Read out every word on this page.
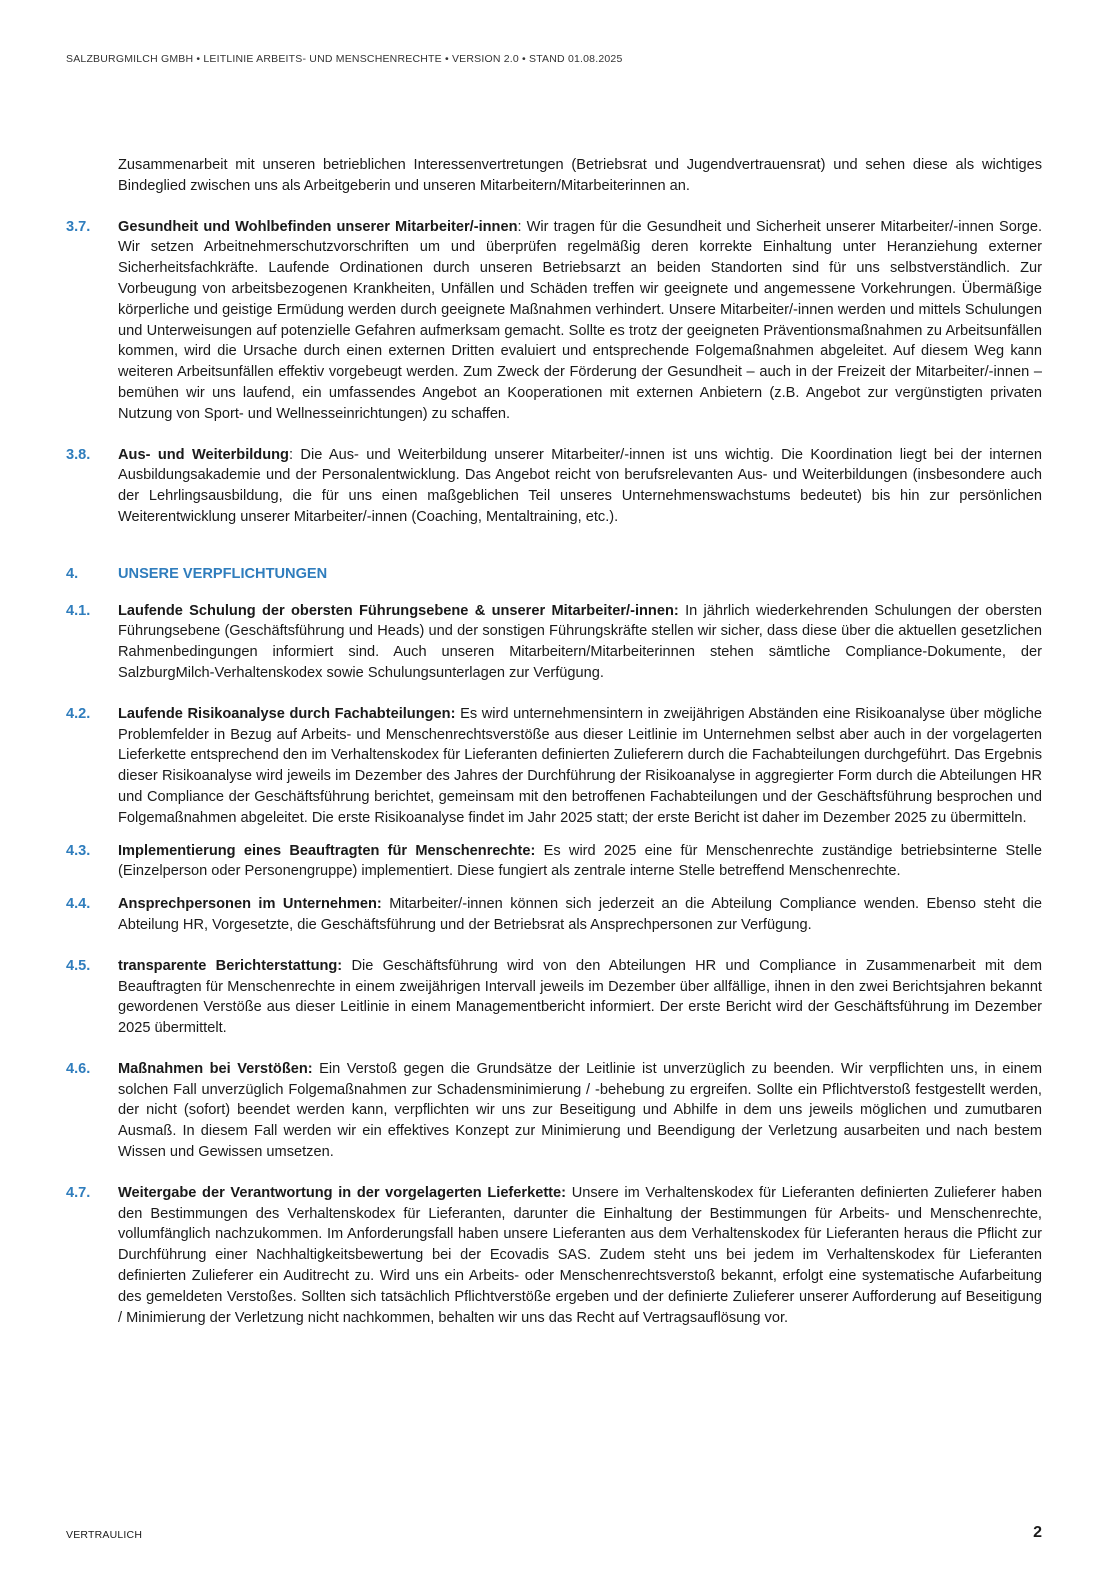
SALZBURGMILCH GMBH • LEITLINIE ARBEITS- UND MENSCHENRECHTE • VERSION 2.0 • STAND 01.08.2025
Zusammenarbeit mit unseren betrieblichen Interessenvertretungen (Betriebsrat und Jugendvertrauensrat) und sehen diese als wichtiges Bindeglied zwischen uns als Arbeitgeberin und unseren Mitarbeitern/Mitarbeiterinnen an.
3.7.	Gesundheit und Wohlbefinden unserer Mitarbeiter/-innen: Wir tragen für die Gesundheit und Sicherheit unserer Mitarbeiter/-innen Sorge. Wir setzen Arbeitnehmerschutzvorschriften um und überprüfen regelmäßig deren korrekte Einhaltung unter Heranziehung externer Sicherheitsfachkräfte. Laufende Ordinationen durch unseren Betriebsarzt an beiden Standorten sind für uns selbstverständlich. Zur Vorbeugung von arbeitsbezogenen Krankheiten, Unfällen und Schäden treffen wir geeignete und angemessene Vorkehrungen. Übermäßige körperliche und geistige Ermüdung werden durch geeignete Maßnahmen verhindert. Unsere Mitarbeiter/-innen werden und mittels Schulungen und Unterweisungen auf potenzielle Gefahren aufmerksam gemacht. Sollte es trotz der geeigneten Präventionsmaßnahmen zu Arbeitsunfällen kommen, wird die Ursache durch einen externen Dritten evaluiert und entsprechende Folgemaßnahmen abgeleitet. Auf diesem Weg kann weiteren Arbeitsunfällen effektiv vorgebeugt werden. Zum Zweck der Förderung der Gesundheit – auch in der Freizeit der Mitarbeiter/-innen – bemühen wir uns laufend, ein umfassendes Angebot an Kooperationen mit externen Anbietern (z.B. Angebot zur vergünstigten privaten Nutzung von Sport- und Wellnesseinrichtungen) zu schaffen.
3.8.	Aus- und Weiterbildung: Die Aus- und Weiterbildung unserer Mitarbeiter/-innen ist uns wichtig. Die Koordination liegt bei der internen Ausbildungsakademie und der Personalentwicklung. Das Angebot reicht von berufsrelevanten Aus- und Weiterbildungen (insbesondere auch der Lehrlingsausbildung, die für uns einen maßgeblichen Teil unseres Unternehmenswachstums bedeutet) bis hin zur persönlichen Weiterentwicklung unserer Mitarbeiter/-innen (Coaching, Mentaltraining, etc.).
4.	UNSERE VERPFLICHTUNGEN
4.1.	Laufende Schulung der obersten Führungsebene & unserer Mitarbeiter/-innen: In jährlich wiederkehrenden Schulungen der obersten Führungsebene (Geschäftsführung und Heads) und der sonstigen Führungskräfte stellen wir sicher, dass diese über die aktuellen gesetzlichen Rahmenbedingungen informiert sind. Auch unseren Mitarbeitern/Mitarbeiterinnen stehen sämtliche Compliance-Dokumente, der SalzburgMilch-Verhaltenskodex sowie Schulungsunterlagen zur Verfügung.
4.2.	Laufende Risikoanalyse durch Fachabteilungen: Es wird unternehmensintern in zweijährigen Abständen eine Risikoanalyse über mögliche Problemfelder in Bezug auf Arbeits- und Menschenrechtsverstöße aus dieser Leitlinie im Unternehmen selbst aber auch in der vorgelagerten Lieferkette entsprechend den im Verhaltenskodex für Lieferanten definierten Zulieferern durch die Fachabteilungen durchgeführt. Das Ergebnis dieser Risikoanalyse wird jeweils im Dezember des Jahres der Durchführung der Risikoanalyse in aggregierter Form durch die Abteilungen HR und Compliance der Geschäftsführung berichtet, gemeinsam mit den betroffenen Fachabteilungen und der Geschäftsführung besprochen und Folgemaßnahmen abgeleitet. Die erste Risikoanalyse findet im Jahr 2025 statt; der erste Bericht ist daher im Dezember 2025 zu übermitteln.
4.3.	Implementierung eines Beauftragten für Menschenrechte: Es wird 2025 eine für Menschenrechte zuständige betriebsinterne Stelle (Einzelperson oder Personengruppe) implementiert. Diese fungiert als zentrale interne Stelle betreffend Menschenrechte.
4.4.	Ansprechpersonen im Unternehmen: Mitarbeiter/-innen können sich jederzeit an die Abteilung Compliance wenden. Ebenso steht die Abteilung HR, Vorgesetzte, die Geschäftsführung und der Betriebsrat als Ansprechpersonen zur Verfügung.
4.5.	transparente Berichterstattung: Die Geschäftsführung wird von den Abteilungen HR und Compliance in Zusammenarbeit mit dem Beauftragten für Menschenrechte in einem zweijährigen Intervall jeweils im Dezember über allfällige, ihnen in den zwei Berichtsjahren bekannt gewordenen Verstöße aus dieser Leitlinie in einem Managementbericht informiert. Der erste Bericht wird der Geschäftsführung im Dezember 2025 übermittelt.
4.6.	Maßnahmen bei Verstößen: Ein Verstoß gegen die Grundsätze der Leitlinie ist unverzüglich zu beenden. Wir verpflichten uns, in einem solchen Fall unverzüglich Folgemaßnahmen zur Schadensminimierung / -behebung zu ergreifen. Sollte ein Pflichtverstoß festgestellt werden, der nicht (sofort) beendet werden kann, verpflichten wir uns zur Beseitigung und Abhilfe in dem uns jeweils möglichen und zumutbaren Ausmaß. In diesem Fall werden wir ein effektives Konzept zur Minimierung und Beendigung der Verletzung ausarbeiten und nach bestem Wissen und Gewissen umsetzen.
4.7.	Weitergabe der Verantwortung in der vorgelagerten Lieferkette: Unsere im Verhaltenskodex für Lieferanten definierten Zulieferer haben den Bestimmungen des Verhaltenskodex für Lieferanten, darunter die Einhaltung der Bestimmungen für Arbeits- und Menschenrechte, vollumfänglich nachzukommen. Im Anforderungsfall haben unsere Lieferanten aus dem Verhaltenskodex für Lieferanten heraus die Pflicht zur Durchführung einer Nachhaltigkeitsbewertung bei der Ecovadis SAS. Zudem steht uns bei jedem im Verhaltenskodex für Lieferanten definierten Zulieferer ein Auditrecht zu. Wird uns ein Arbeits- oder Menschenrechtsverstoß bekannt, erfolgt eine systematische Aufarbeitung des gemeldeten Verstoßes. Sollten sich tatsächlich Pflichtverstöße ergeben und der definierte Zulieferer unserer Aufforderung auf Beseitigung / Minimierung der Verletzung nicht nachkommen, behalten wir uns das Recht auf Vertragsauflösung vor.
VERTRAULICH	2
